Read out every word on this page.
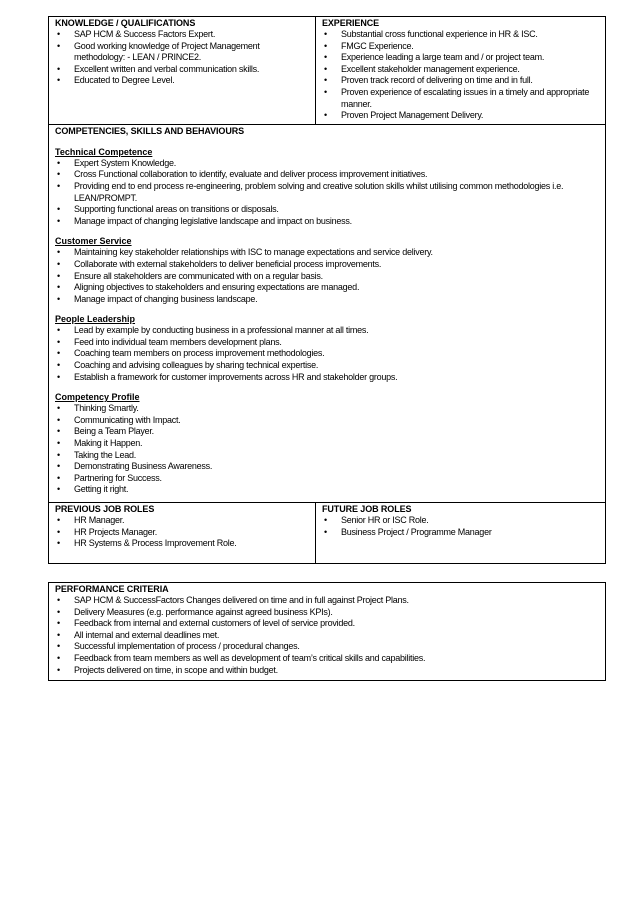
KNOWLEDGE / QUALIFICATIONS
• SAP HCM & Success Factors Expert.
• Good working knowledge of Project Management methodology: - LEAN / PRINCE2.
• Excellent written and verbal communication skills.
• Educated to Degree Level.
EXPERIENCE
• Substantial cross functional experience in HR & ISC.
• FMGC Experience.
• Experience leading a large team and / or project team.
• Excellent stakeholder management experience.
• Proven track record of delivering on time and in full.
• Proven experience of escalating issues in a timely and appropriate manner.
• Proven Project Management Delivery.
COMPETENCIES, SKILLS AND BEHAVIOURS
Technical Competence
• Expert System Knowledge.
• Cross Functional collaboration to identify, evaluate and deliver process improvement initiatives.
• Providing end to end process re-engineering, problem solving and creative solution skills whilst utilising common methodologies i.e. LEAN/PROMPT.
• Supporting functional areas on transitions or disposals.
• Manage impact of changing legislative landscape and impact on business.
Customer Service
• Maintaining key stakeholder relationships with ISC to manage expectations and service delivery.
• Collaborate with external stakeholders to deliver beneficial process improvements.
• Ensure all stakeholders are communicated with on a regular basis.
• Aligning objectives to stakeholders and ensuring expectations are managed.
• Manage impact of changing business landscape.
People Leadership
• Lead by example by conducting business in a professional manner at all times.
• Feed into individual team members development plans.
• Coaching team members on process improvement methodologies.
• Coaching and advising colleagues by sharing technical expertise.
• Establish a framework for customer improvements across HR and stakeholder groups.
Competency Profile
• Thinking Smartly.
• Communicating with Impact.
• Being a Team Player.
• Making it Happen.
• Taking the Lead.
• Demonstrating Business Awareness.
• Partnering for Success.
• Getting it right.
PREVIOUS JOB ROLES
• HR Manager.
• HR Projects Manager.
• HR Systems & Process Improvement Role.
FUTURE JOB ROLES
• Senior HR or ISC Role.
• Business Project / Programme Manager
PERFORMANCE CRITERIA
• SAP HCM & SuccessFactors Changes delivered on time and in full against Project Plans.
• Delivery Measures (e.g. performance against agreed business KPIs).
• Feedback from internal and external customers of level of service provided.
• All internal and external deadlines met.
• Successful implementation of process / procedural changes.
• Feedback from team members as well as development of team’s critical skills and capabilities.
• Projects delivered on time, in scope and within budget.
